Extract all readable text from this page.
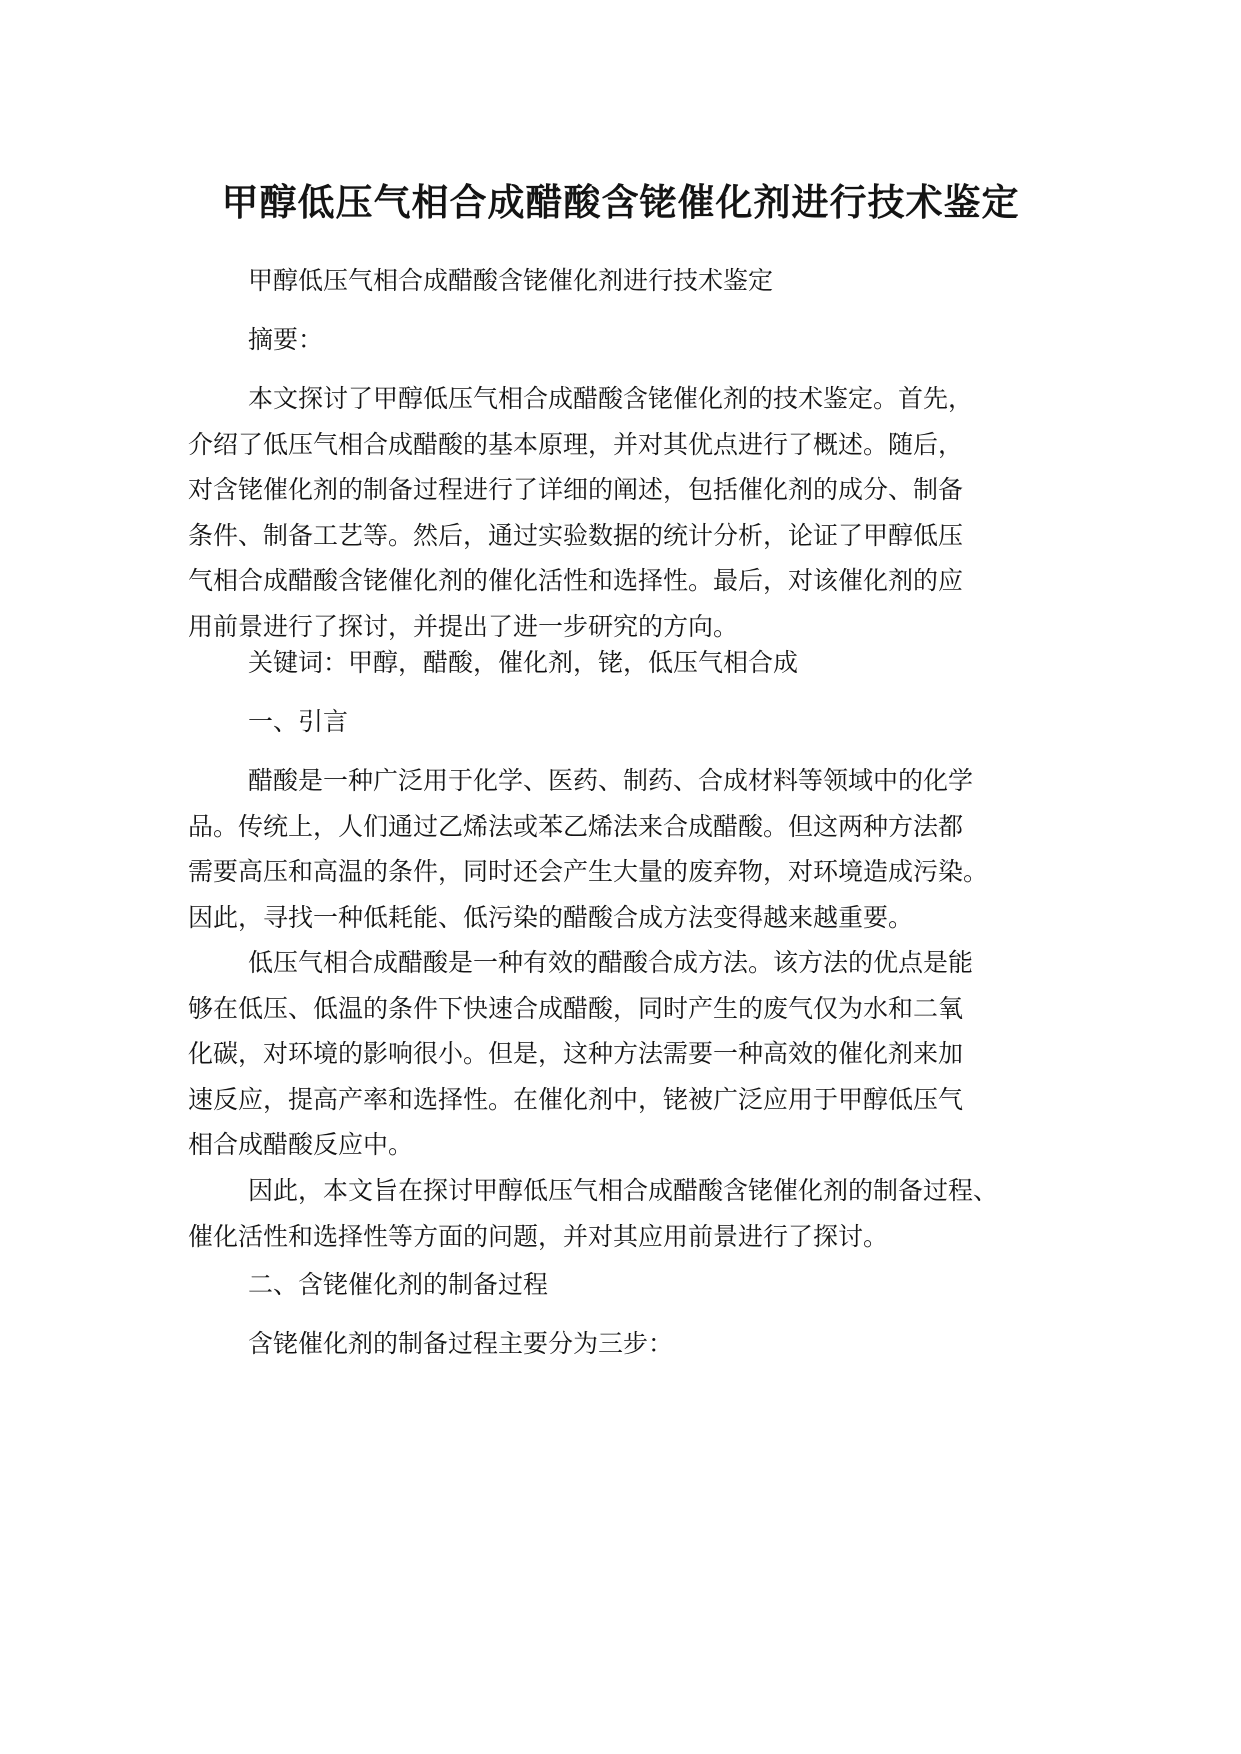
甲醇低压气相合成醋酸含铑催化剂进行技术鉴定

甲醇低压气相合成醋酸含铑催化剂进行技术鉴定

摘要：

本文探讨了甲醇低压气相合成醋酸含铑催化剂的技术鉴定。首先，
介绍了低压气相合成醋酸的基本原理，并对其优点进行了概述。随后，
对含铑催化剂的制备过程进行了详细的阐述，包括催化剂的成分、制备
条件、制备工艺等。然后，通过实验数据的统计分析，论证了甲醇低压
气相合成醋酸含铑催化剂的催化活性和选择性。最后，对该催化剂的应
用前景进行了探讨，并提出了进一步研究的方向。

关键词：甲醇，醋酸，催化剂，铑，低压气相合成

一、引言

醋酸是一种广泛用于化学、医药、制药、合成材料等领域中的化学
品。传统上，人们通过乙烯法或苯乙烯法来合成醋酸。但这两种方法都
需要高压和高温的条件，同时还会产生大量的废弃物，对环境造成污染。
因此，寻找一种低耗能、低污染的醋酸合成方法变得越来越重要。

低压气相合成醋酸是一种有效的醋酸合成方法。该方法的优点是能
够在低压、低温的条件下快速合成醋酸，同时产生的废气仅为水和二氧
化碳，对环境的影响很小。但是，这种方法需要一种高效的催化剂来加
速反应，提高产率和选择性。在催化剂中，铑被广泛应用于甲醇低压气
相合成醋酸反应中。

因此，本文旨在探讨甲醇低压气相合成醋酸含铑催化剂的制备过程、
催化活性和选择性等方面的问题，并对其应用前景进行了探讨。

二、含铑催化剂的制备过程

含铑催化剂的制备过程主要分为三步：
